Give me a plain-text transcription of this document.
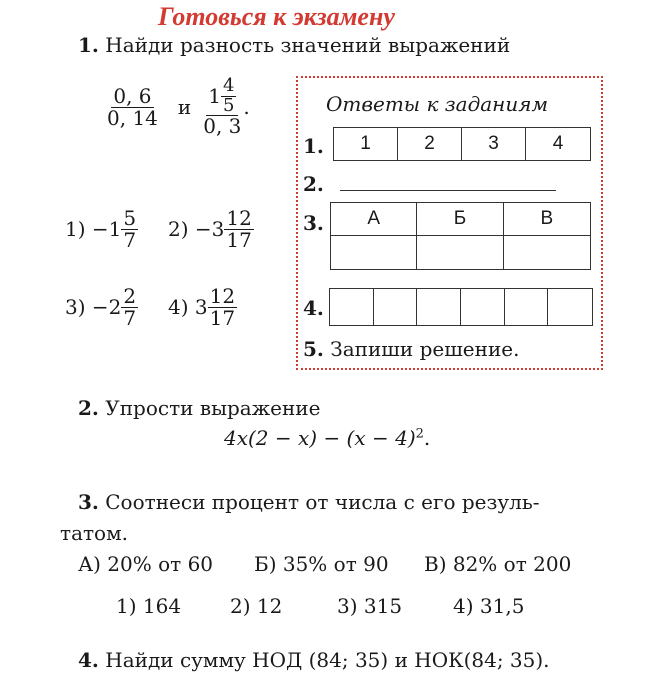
Готовься к экзамену
1. Найди разность значений выражений
$\frac{0, 6}{0, 14}$ и $\frac{1 \frac{4}{5}}{0, 3}$ .
1)
$-1 \frac{5}{7} 2$)
$-3 \frac{12}{17}$
3)
$-2 \frac{2}{7} 4$)
$3 \frac{12}{17}$
Ответы к заданиям
1.	1	2	3	4
2.
3.	А	Б	В
4.
5. Запиши решение.
2. Упрости выражение
$4x(2 - x) - (x - 4)^2$.
3. Соотнеси процент от числа с его резуль-
татом.
А) 20% от 60 Б) 35% от 90 В) 82% от 200
1) 164 2) 12	3) 315	4) 31,5
4. Найди сумму НОД (84; 35) и НОК(84; 35).
